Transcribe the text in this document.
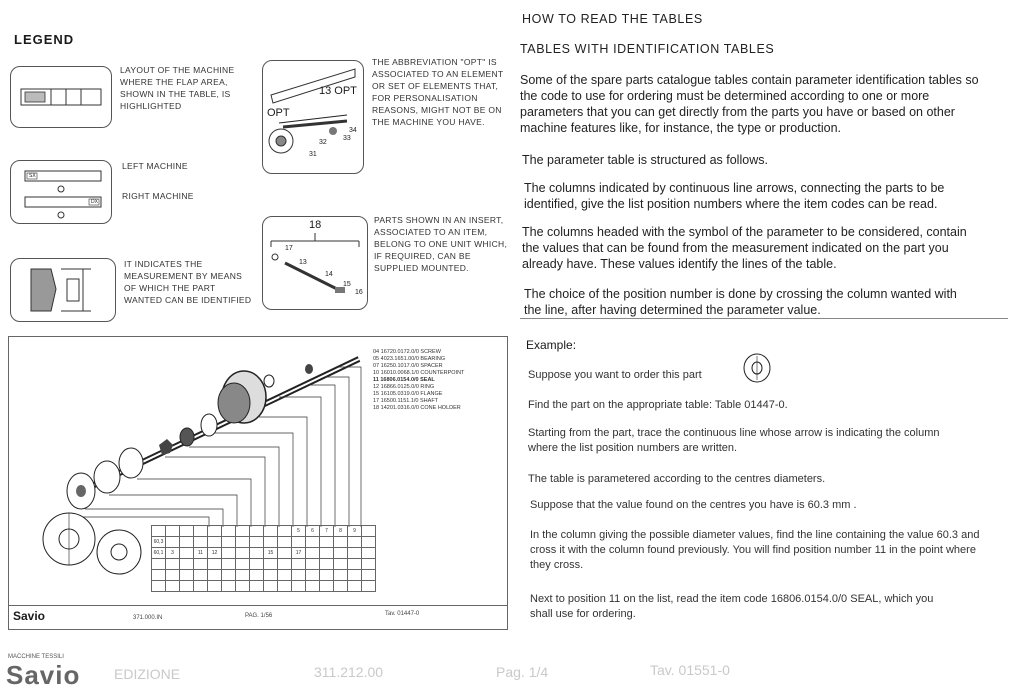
LEGEND
LAYOUT OF THE MACHINE WHERE THE FLAP AREA, SHOWN IN THE TABLE, IS HIGHLIGHTED
SX
DX
LEFT MACHINE
RIGHT MACHINE
IT INDICATES THE MEASUREMENT BY MEANS OF WHICH THE PART WANTED CAN BE IDENTIFIED
13 OPT
OPT
32
31
33
34
THE ABBREVIATION "OPT" IS ASSOCIATED TO AN ELEMENT OR SET OF ELEMENTS THAT, FOR PERSONALISATION REASONS, MIGHT NOT BE ON THE MACHINE YOU HAVE.
18
17
13
14
15
16
PARTS SHOWN IN AN INSERT, ASSOCIATED TO AN ITEM, BELONG TO ONE UNIT WHICH, IF REQUIRED, CAN BE SUPPLIED MOUNTED.
04 16720.0172.0/0 SCREW
05 4023.1651.00/0 BEARING
07 16250.1017.0/0 SPACER
10 16010.0068.1/0 COUNTERPOINT
11 16806.0154.0/0 SEAL
12 16866.0125.0/0 RING
15 16105.0319.0/0 FLANGE
17 16500.1151.1/0 SHAFT
18 14201.0316.0/0 CONE HOLDER
										5	6	7	8	9	
60,3															
60,1	3		11	12				15		17					

Savio	371.000.IN	PAG. 1/56	Tav. 01447-0

HOW TO READ THE TABLES

TABLES WITH IDENTIFICATION TABLES

Some of the spare parts catalogue tables contain parameter identification tables so the code to use for ordering must be determined according to one or more parameters that you can get directly from the parts you have or based on other machine features like, for instance, the type or production.

The parameter table is structured as follows.

The columns indicated by continuous line arrows, connecting the parts to be identified, give the list position numbers where the item codes can be read.

The columns headed with the symbol of the parameter to be considered, contain the values that can be found from the measurement indicated on the part you already have. These values identify the lines of the table.

The choice of the position number is done by crossing the column wanted with the line, after having determined the parameter value.

Example:

Suppose you want to order this part

Find the part on the appropriate table: Table 01447-0.

Starting from the part, trace the continuous line whose arrow is indicating the column where the list position numbers are written.

The table is parametered according to the centres diameters.

Suppose that the value found on the centres you have is 60.3 mm .

In the column giving the possible diameter values, find the line containing the value 60.3 and cross it with the column found previously. You will find position number 11 in the point where they cross.

Next to position 11 on the list, read the item code 16806.0154.0/0 SEAL, which you shall use for ordering.

MACCHINE TESSILI
Savio EDIZIONE	311.212.00	Pag. 1/4	Tav. 01551-0
